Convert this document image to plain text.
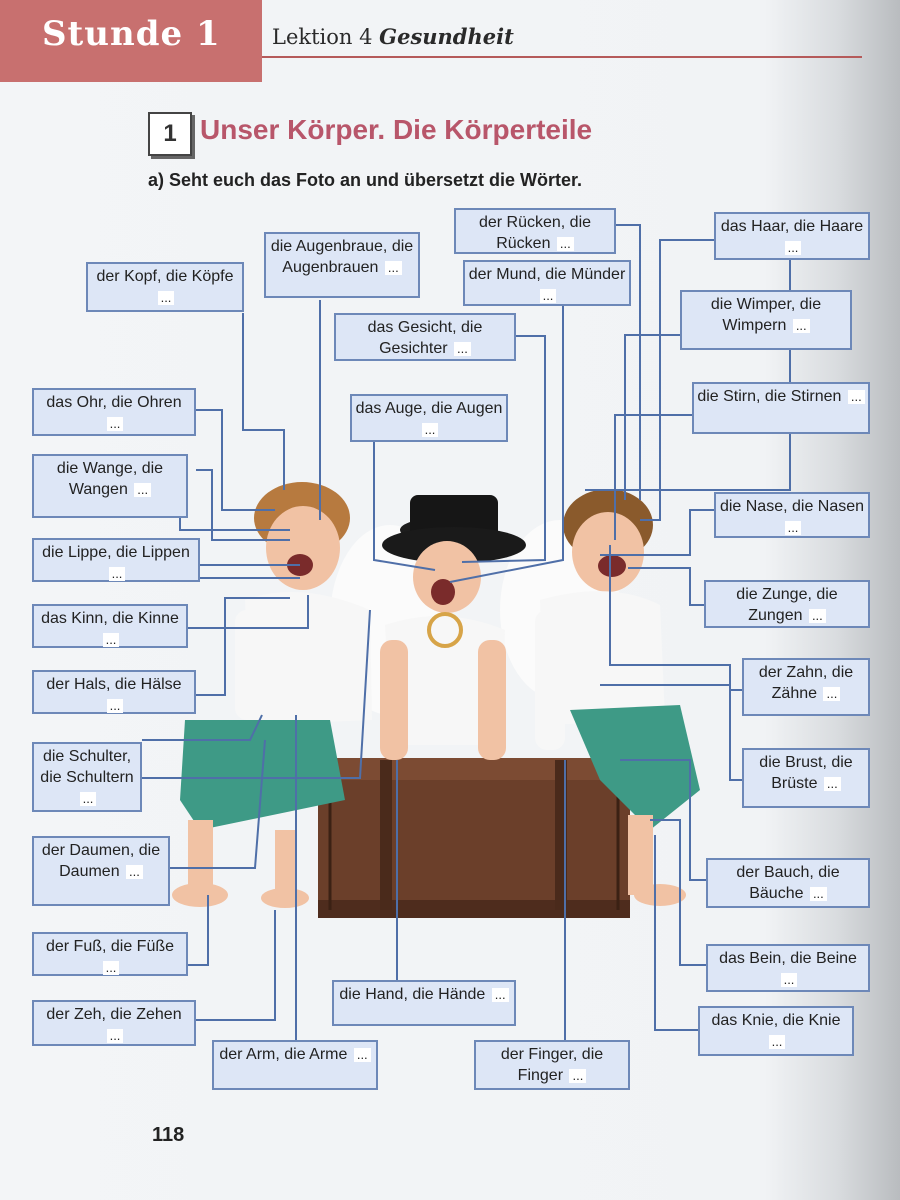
Stunde 1 Lektion 4 Gesundheit
1 Unser Körper. Die Körperteile
a) Seht euch das Foto an und übersetzt die Wörter.
der Rücken, die Rücken ...
das Haar, die Haare ...
die Augenbraue, die Augenbrauen ...	der Mund, die Münder ...
der Kopf, die Köpfe ...	die Wimper, die Wimpern ...
das Gesicht, die Gesichter ...
das Ohr, die Ohren ...
das Auge, die Augen ...
die Stirn, die Stirnen ...
die Wange, die Wangen ...
die Nase, die Nasen ...
die Lippe, die Lippen ...
die Zunge, die Zungen ...
das Kinn, die Kinne ...
der Zahn, die Zähne ...
der Hals, die Hälse ...
die Schulter, die Schultern ...
die Brust, die Brüste ...
der Daumen, die Daumen ...	der Bauch, die Bäuche ...
der Fuß, die Füße ...
das Bein, die Beine ...
die Hand, die Hände ...
der Zeh, die Zehen ...
das Knie, die Knie ...
der Arm, die Arme ...	der Finger, die Finger ...
118
